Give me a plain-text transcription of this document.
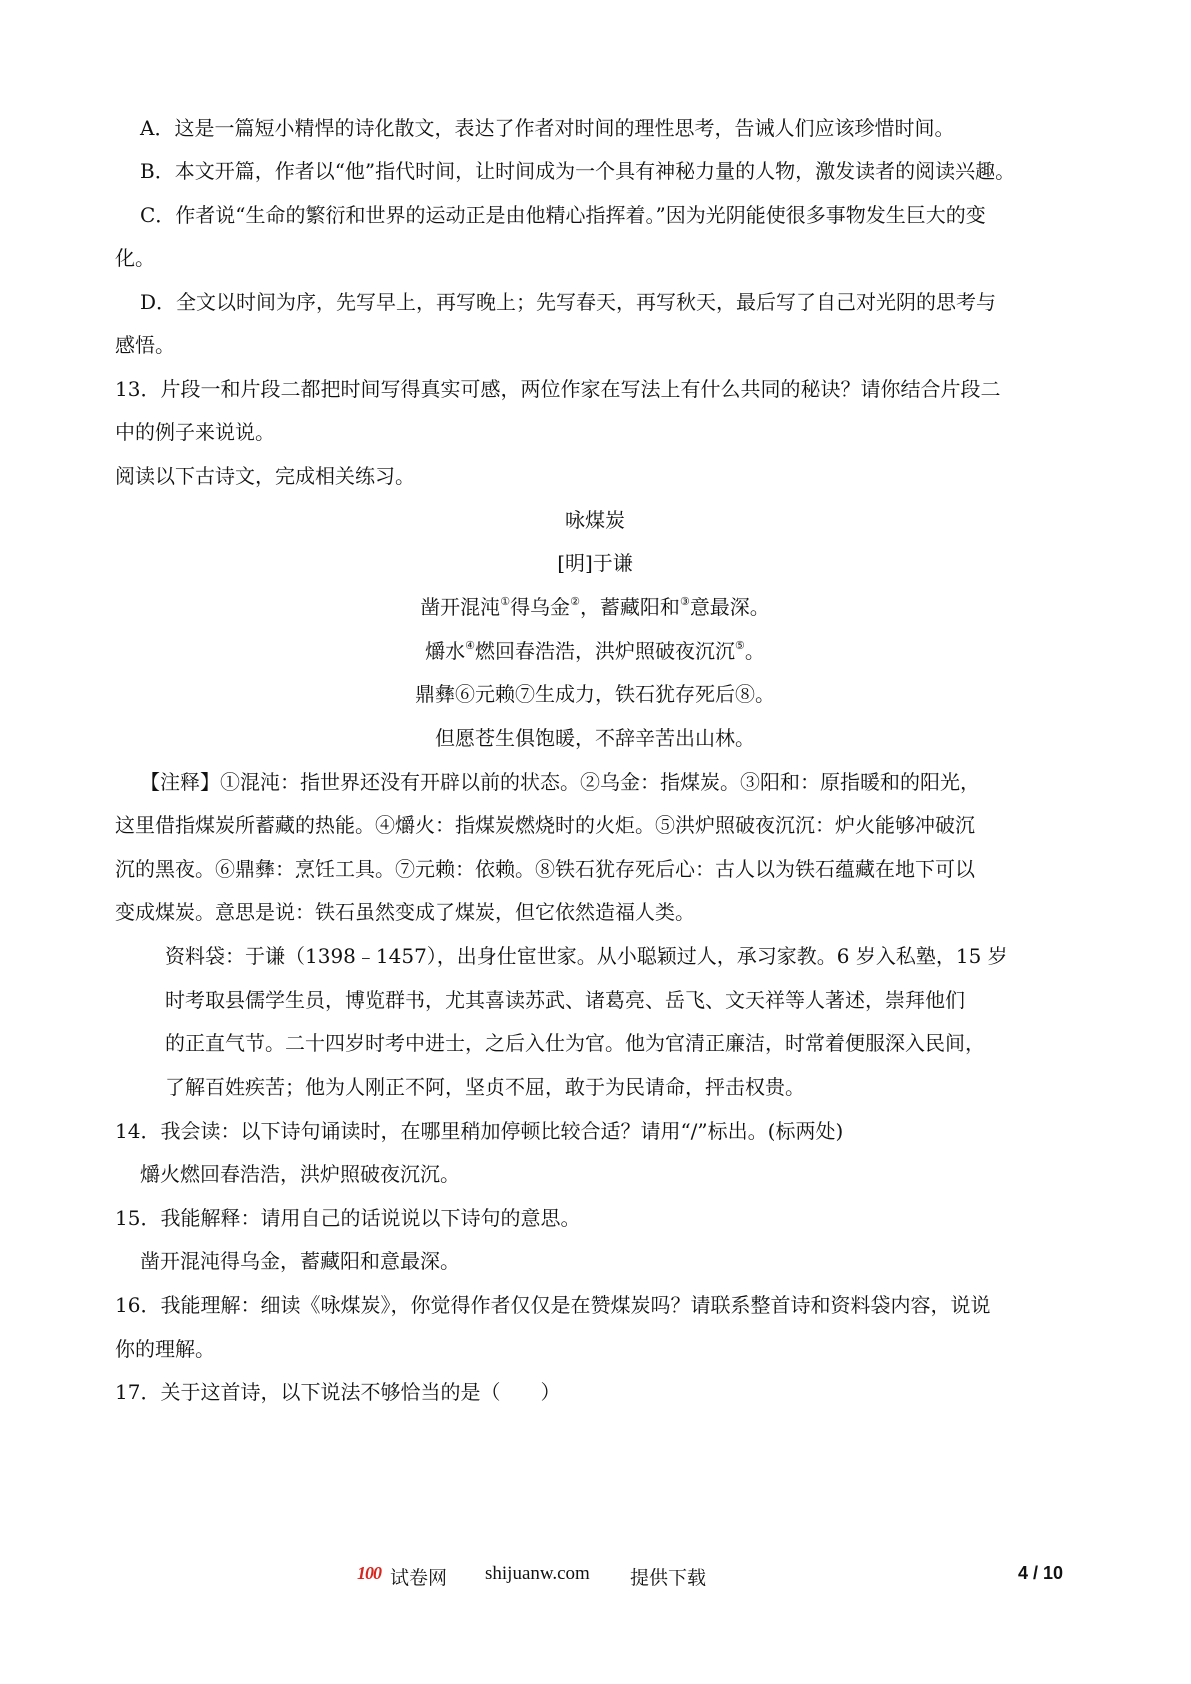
A．这是一篇短小精悍的诗化散文，表达了作者对时间的理性思考，告诫人们应该珍惜时间。
B．本文开篇，作者以“他”指代时间，让时间成为一个具有神秘力量的人物，激发读者的阅读兴趣。
C．作者说“生命的繁衍和世界的运动正是由他精心指挥着。”因为光阴能使很多事物发生巨大的变
化。
D．全文以时间为序，先写早上，再写晚上；先写春天，再写秋天，最后写了自己对光阴的思考与
感悟。
13．片段一和片段二都把时间写得真实可感，两位作家在写法上有什么共同的秘诀？请你结合片段二
中的例子来说说。
阅读以下古诗文，完成相关练习。
咏煤炭
[明]于谦
凿开混沌①得乌金②，蓄藏阳和③意最深。
爝水④燃回春浩浩，洪炉照破夜沉沉⑤。
鼎彝⑥元赖⑦生成力，铁石犹存死后⑧。
但愿苍生俱饱暖，不辞辛苦出山林。
【注释】①混沌：指世界还没有开辟以前的状态。②乌金：指煤炭。③阳和：原指暖和的阳光，
这里借指煤炭所蓄藏的热能。④爝火：指煤炭燃烧时的火炬。⑤洪炉照破夜沉沉：炉火能够冲破沉
沉的黑夜。⑥鼎彝：烹饪工具。⑦元赖：依赖。⑧铁石犹存死后心：古人以为铁石蕴藏在地下可以
变成煤炭。意思是说：铁石虽然变成了煤炭，但它依然造福人类。
资料袋：于谦（1398﹣1457），出身仕宦世家。从小聪颖过人，承习家教。6 岁入私塾，15 岁
时考取县儒学生员，博览群书，尤其喜读苏武、诸葛亮、岳飞、文天祥等人著述，崇拜他们
的正直气节。二十四岁时考中进士，之后入仕为官。他为官清正廉洁，时常着便服深入民间，
了解百姓疾苦；他为人刚正不阿，坚贞不屈，敢于为民请命，抨击权贵。
14．我会读：以下诗句诵读时，在哪里稍加停顿比较合适？请用“/”标出。(标两处)
爝火燃回春浩浩，洪炉照破夜沉沉。
15．我能解释：请用自己的话说说以下诗句的意思。
凿开混沌得乌金，蓄藏阳和意最深。
16．我能理解：细读《咏煤炭》，你觉得作者仅仅是在赞煤炭吗？请联系整首诗和资料袋内容，说说
你的理解。
17．关于这首诗，以下说法不够恰当的是（　　）
100 试卷网 shijuanw.com 提供下载	4 / 10
